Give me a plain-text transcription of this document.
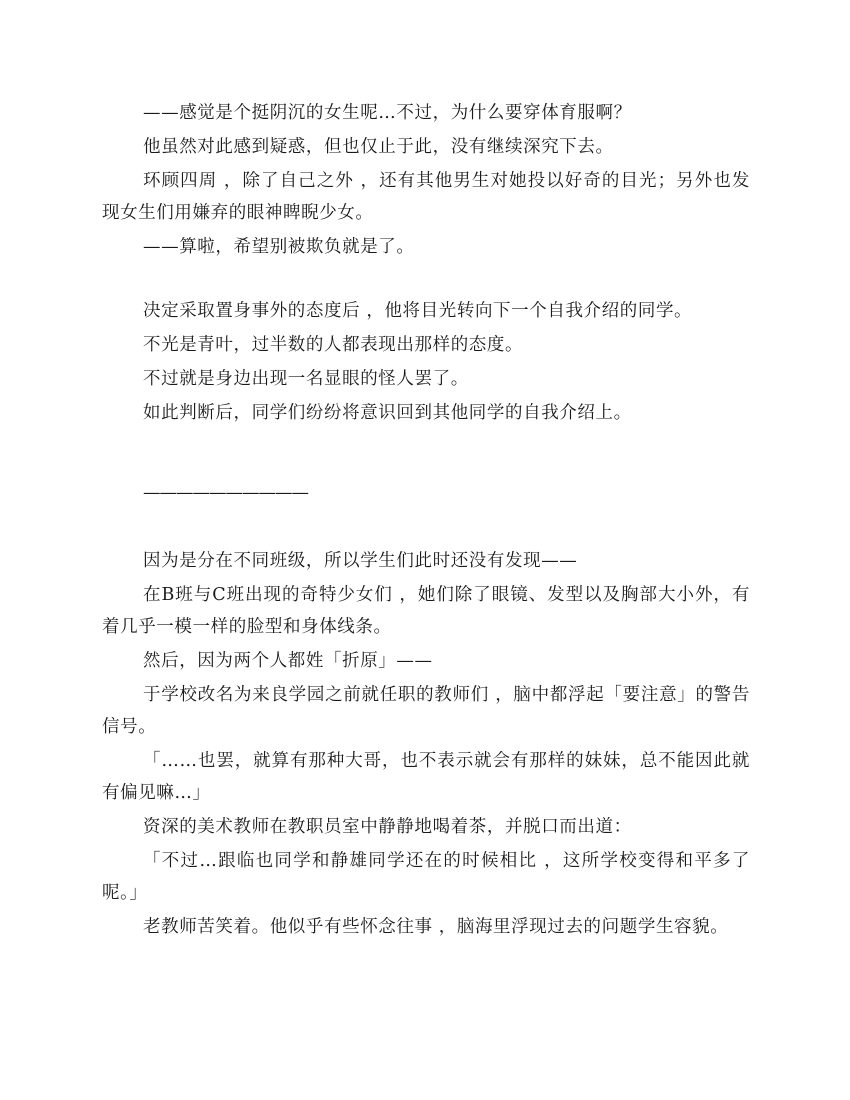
——感觉是个挺阴沉的女生呢…不过，为什么要穿体育服啊？

他虽然对此感到疑惑，但也仅止于此，没有继续深究下去。

环顾四周 ，除了自己之外 ，还有其他男生对她投以好奇的目光；另外也发现女生们用嫌弃的眼神睥睨少女。

——算啦，希望别被欺负就是了。

决定采取置身事外的态度后 ，他将目光转向下一个自我介绍的同学。

不光是青叶，过半数的人都表现出那样的态度。

不过就是身边出现一名显眼的怪人罢了。

如此判断后，同学们纷纷将意识回到其他同学的自我介绍上。

——————————

因为是分在不同班级，所以学生们此时还没有发现——

在B班与C班出现的奇特少女们 ，她们除了眼镜、发型以及胸部大小外，有着几乎一模一样的脸型和身体线条。

然后，因为两个人都姓「折原」——

于学校改名为来良学园之前就任职的教师们 ，脑中都浮起「要注意」的警告信号。

「……也罢，就算有那种大哥，也不表示就会有那样的妹妹，总不能因此就有偏见嘛…」

资深的美术教师在教职员室中静静地喝着茶，并脱口而出道：

「不过…跟临也同学和静雄同学还在的时候相比 ，这所学校变得和平多了呢。」

老教师苦笑着。他似乎有些怀念往事 ，脑海里浮现过去的问题学生容貌。
